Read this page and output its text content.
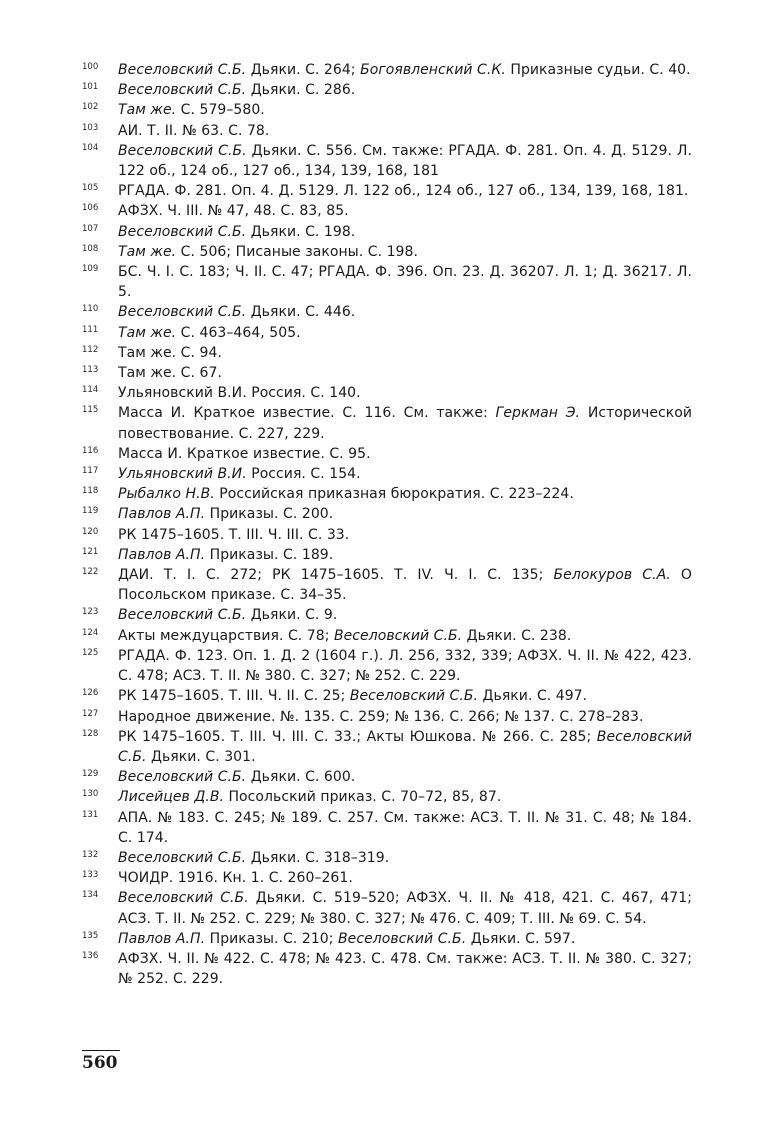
100	Веселовский С.Б. Дьяки. С. 264; Богоявленский С.К. Приказные судьи. С. 40.
101	Веселовский С.Б. Дьяки. С. 286.
102	Там же. С. 579–580.
103	АИ. Т. II. № 63. С. 78.
104	Веселовский С.Б. Дьяки. С. 556. См. также: РГАДА. Ф. 281. Оп. 4. Д. 5129. Л. 122 об., 124 об., 127 об., 134, 139, 168, 181
105	РГАДА. Ф. 281. Оп. 4. Д. 5129. Л. 122 об., 124 об., 127 об., 134, 139, 168, 181.
106	АФЗХ. Ч. III. № 47, 48. С. 83, 85.
107	Веселовский С.Б. Дьяки. С. 198.
108	Там же. С. 506; Писаные законы. С. 198.
109	БС. Ч. I. С. 183; Ч. II. С. 47; РГАДА. Ф. 396. Оп. 23. Д. 36207. Л. 1; Д. 36217. Л. 5.
110	Веселовский С.Б. Дьяки. С. 446.
111	Там же. С. 463–464, 505.
112	Там же. С. 94.
113	Там же. С. 67.
114	Ульяновский В.И. Россия. С. 140.
115	Масса И. Краткое известие. С. 116. См. также: Геркман Э. Исторической повествование. С. 227, 229.
116	Масса И. Краткое известие. С. 95.
117	Ульяновский В.И. Россия. С. 154.
118	Рыбалко Н.В. Российская приказная бюрократия. С. 223–224.
119	Павлов А.П. Приказы. С. 200.
120	РК 1475–1605. Т. III. Ч. III. С. 33.
121	Павлов А.П. Приказы. С. 189.
122	ДАИ. Т. I. С. 272; РК 1475–1605. Т. IV. Ч. I. С. 135; Белокуров С.А. О Посольском приказе. С. 34–35.
123	Веселовский С.Б. Дьяки. С. 9.
124	Акты междуцарствия. С. 78; Веселовский С.Б. Дьяки. С. 238.
125	РГАДА. Ф. 123. Оп. 1. Д. 2 (1604 г.). Л. 256, 332, 339; АФЗХ. Ч. II. № 422, 423. С. 478; АСЗ. Т. II. № 380. С. 327; № 252. С. 229.
126	РК 1475–1605. Т. III. Ч. II. С. 25; Веселовский С.Б. Дьяки. С. 497.
127	Народное движение. №. 135. С. 259; № 136. С. 266; № 137. С. 278–283.
128	РК 1475–1605. Т. III. Ч. III. С. 33.; Акты Юшкова. № 266. С. 285; Веселовский С.Б. Дьяки. С. 301.
129	Веселовский С.Б. Дьяки. С. 600.
130	Лисейцев Д.В. Посольский приказ. С. 70–72, 85, 87.
131	АПА. № 183. С. 245; № 189. С. 257. См. также: АСЗ. Т. II. № 31. С. 48; № 184. С. 174.
132	Веселовский С.Б. Дьяки. С. 318–319.
133	ЧОИДР. 1916. Кн. 1. С. 260–261.
134	Веселовский С.Б. Дьяки. С. 519–520; АФЗХ. Ч. II. № 418, 421. С. 467, 471; АСЗ. Т. II. № 252. С. 229; № 380. С. 327; № 476. С. 409; Т. III. № 69. С. 54.
135	Павлов А.П. Приказы. С. 210; Веселовский С.Б. Дьяки. С. 597.
136	АФЗХ. Ч. II. № 422. С. 478; № 423. С. 478. См. также: АСЗ. Т. II. № 380. С. 327; № 252. С. 229.
560
